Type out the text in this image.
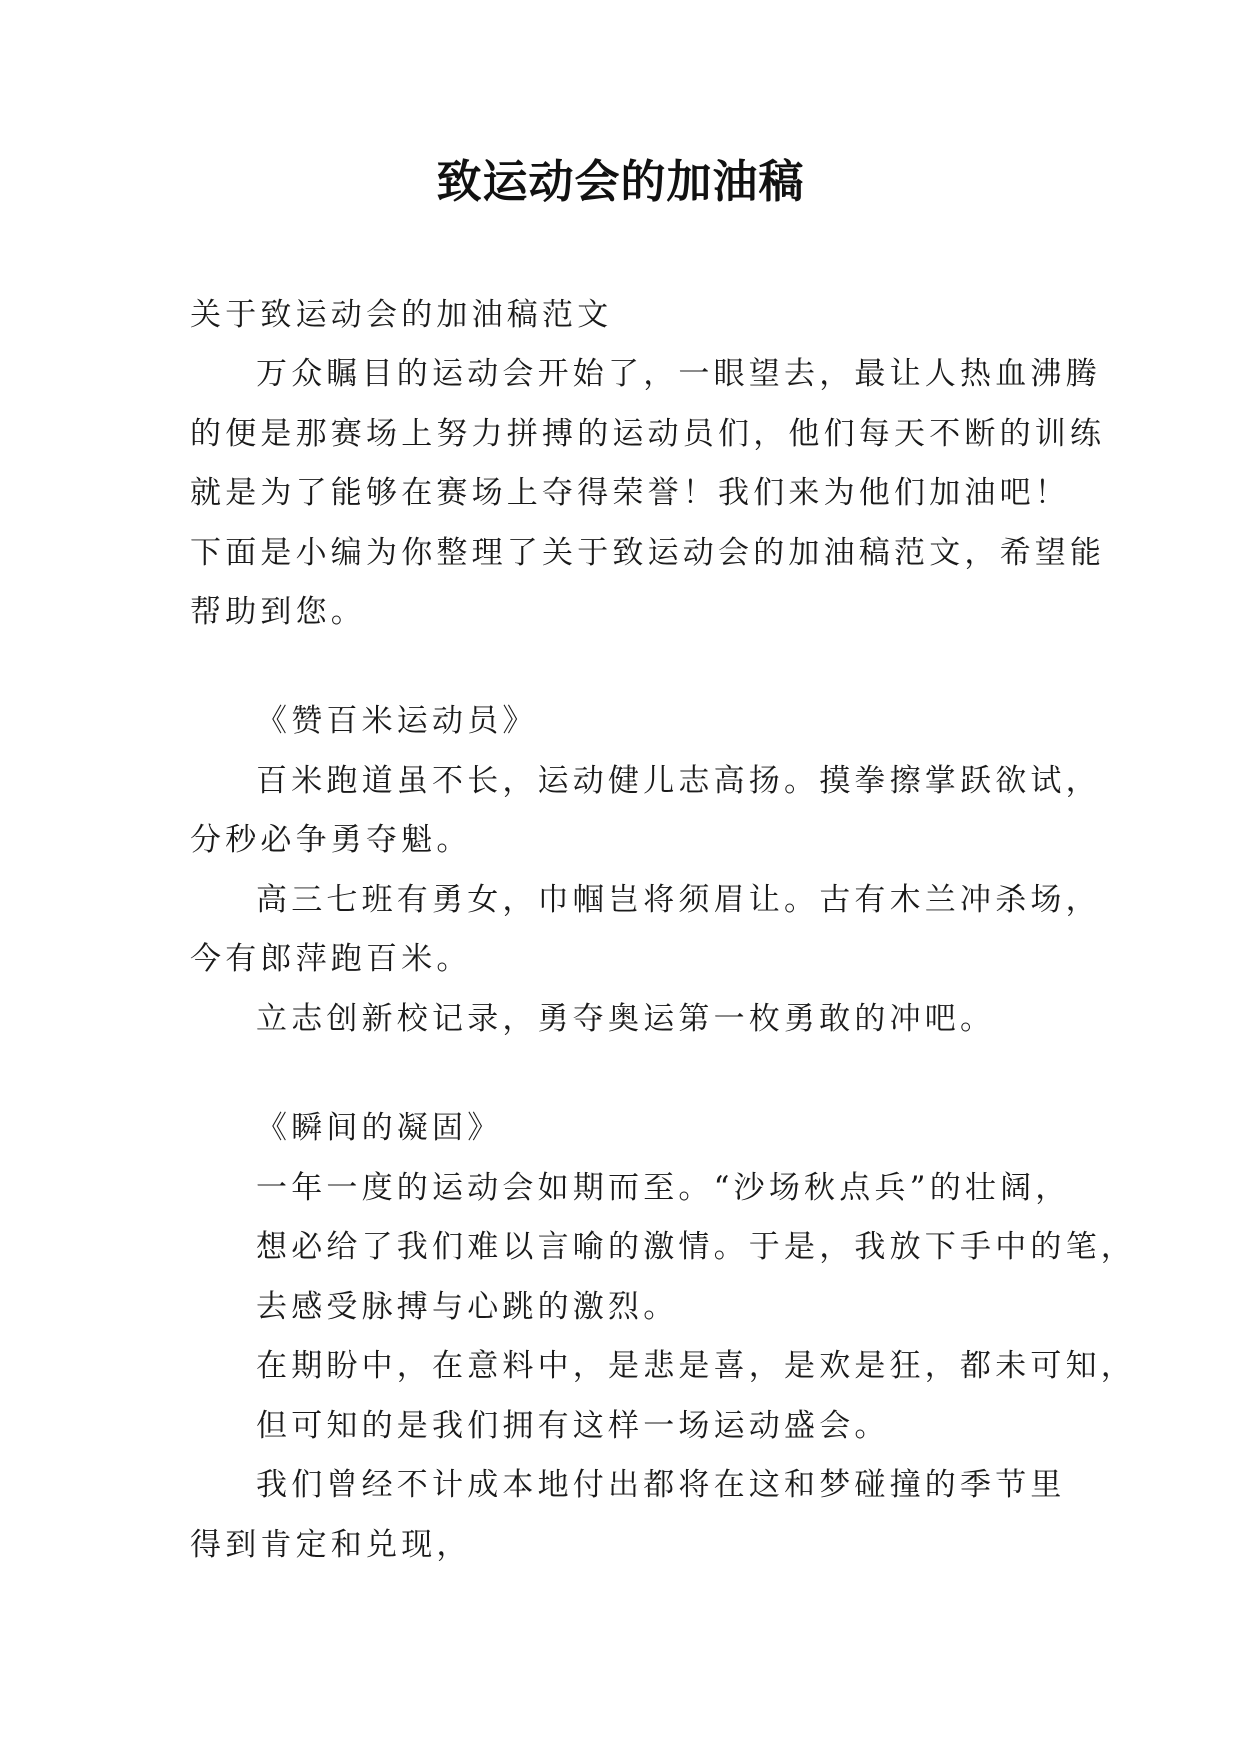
致运动会的加油稿
关于致运动会的加油稿范文
万众瞩目的运动会开始了，一眼望去，最让人热血沸腾
的便是那赛场上努力拼搏的运动员们，他们每天不断的训练
就是为了能够在赛场上夺得荣誉！我们来为他们加油吧！
下面是小编为你整理了关于致运动会的加油稿范文，希望能
帮助到您。
《赞百米运动员》
百米跑道虽不长，运动健儿志高扬。摸拳擦掌跃欲试，
分秒必争勇夺魁。
高三七班有勇女，巾帼岂将须眉让。古有木兰冲杀场，
今有郎萍跑百米。
立志创新校记录，勇夺奥运第一枚勇敢的冲吧。
《瞬间的凝固》
一年一度的运动会如期而至。“沙场秋点兵”的壮阔，
想必给了我们难以言喻的激情。于是，我放下手中的笔，
去感受脉搏与心跳的激烈。
在期盼中，在意料中，是悲是喜，是欢是狂，都未可知，
但可知的是我们拥有这样一场运动盛会。
我们曾经不计成本地付出都将在这和梦碰撞的季节里
得到肯定和兑现，
